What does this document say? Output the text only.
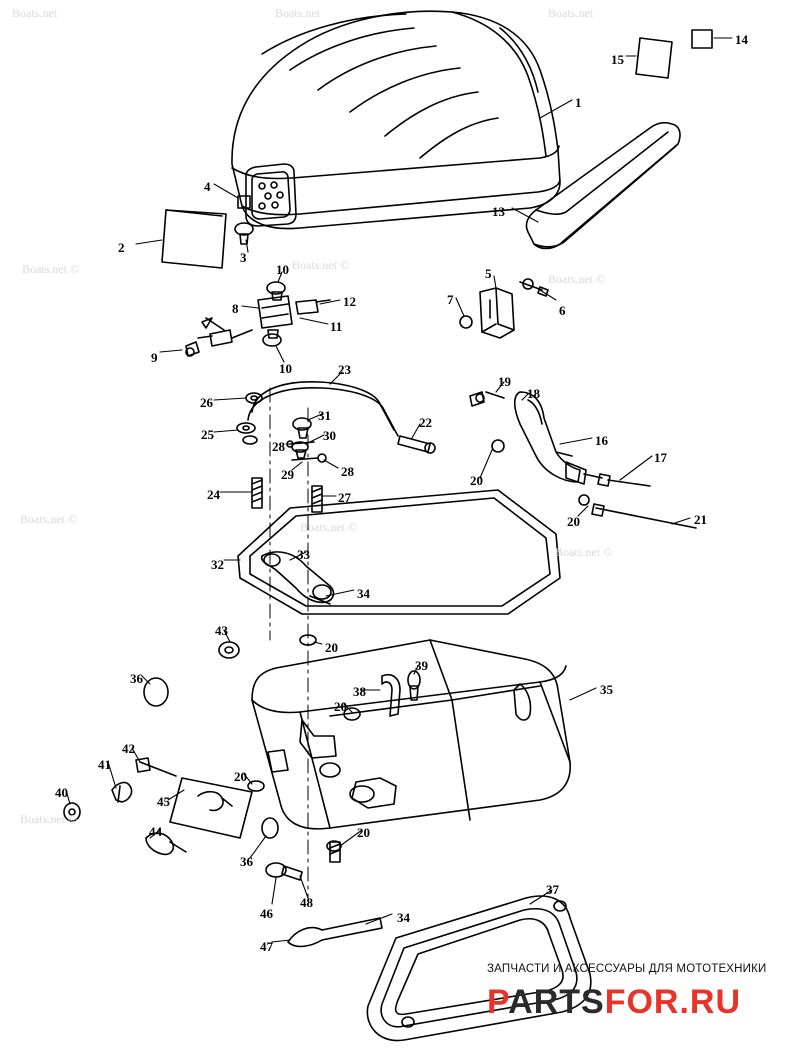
Boats.net	Boats.net	Boats.net
Boats.net ©	Boats.net ©
Boats.net ©
Boats.net ©
Boats.net ©
Boats.net ©
Boats.net ©
14
15
1
13
4
2
3
5
6
7
10
12
8
11
9
10	23
19
18
26
31	22
16
25	30
28
17
20
29	28
24	27
20	21
32
33
34
43
20
39
36
38	35
20
42
41
20
40
45
44
36
20
46
48
34
47
37
ЗАПЧАСТИ И АКСЕССУАРЫ ДЛЯ МОТОТЕХНИКИ
PARTSFOR.RU
